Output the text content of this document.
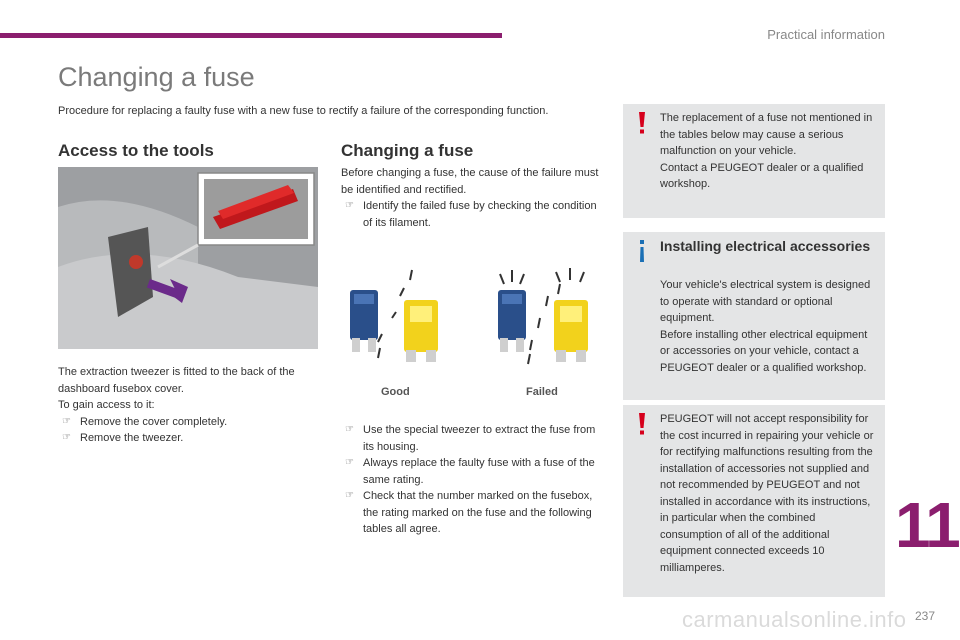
Practical information
Changing a fuse
Procedure for replacing a faulty fuse with a new fuse to rectify a failure of the corresponding function.
Access to the tools
The extraction tweezer is fitted to the back of the dashboard fusebox cover.
To gain access to it:
☞ Remove the cover completely.
☞ Remove the tweezer.
Changing a fuse
Before changing a fuse, the cause of the failure must be identified and rectified.
☞ Identify the failed fuse by checking the condition of its filament.
Good	Failed
☞ Use the special tweezer to extract the fuse from its housing.
☞ Always replace the faulty fuse with a fuse of the same rating.
☞ Check that the number marked on the fusebox, the rating marked on the fuse and the following tables all agree.
The replacement of a fuse not mentioned in the tables below may cause a serious malfunction on your vehicle.
Contact a PEUGEOT dealer or a qualified workshop.
Installing electrical accessories
Your vehicle's electrical system is designed to operate with standard or optional equipment.
Before installing other electrical equipment or accessories on your vehicle, contact a PEUGEOT dealer or a qualified workshop.
PEUGEOT will not accept responsibility for the cost incurred in repairing your vehicle or for rectifying malfunctions resulting from the installation of accessories not supplied and not recommended by PEUGEOT and not installed in accordance with its instructions, in particular when the combined consumption of all of the additional equipment connected exceeds 10 milliamperes.
11
carmanualsonline.info 237
